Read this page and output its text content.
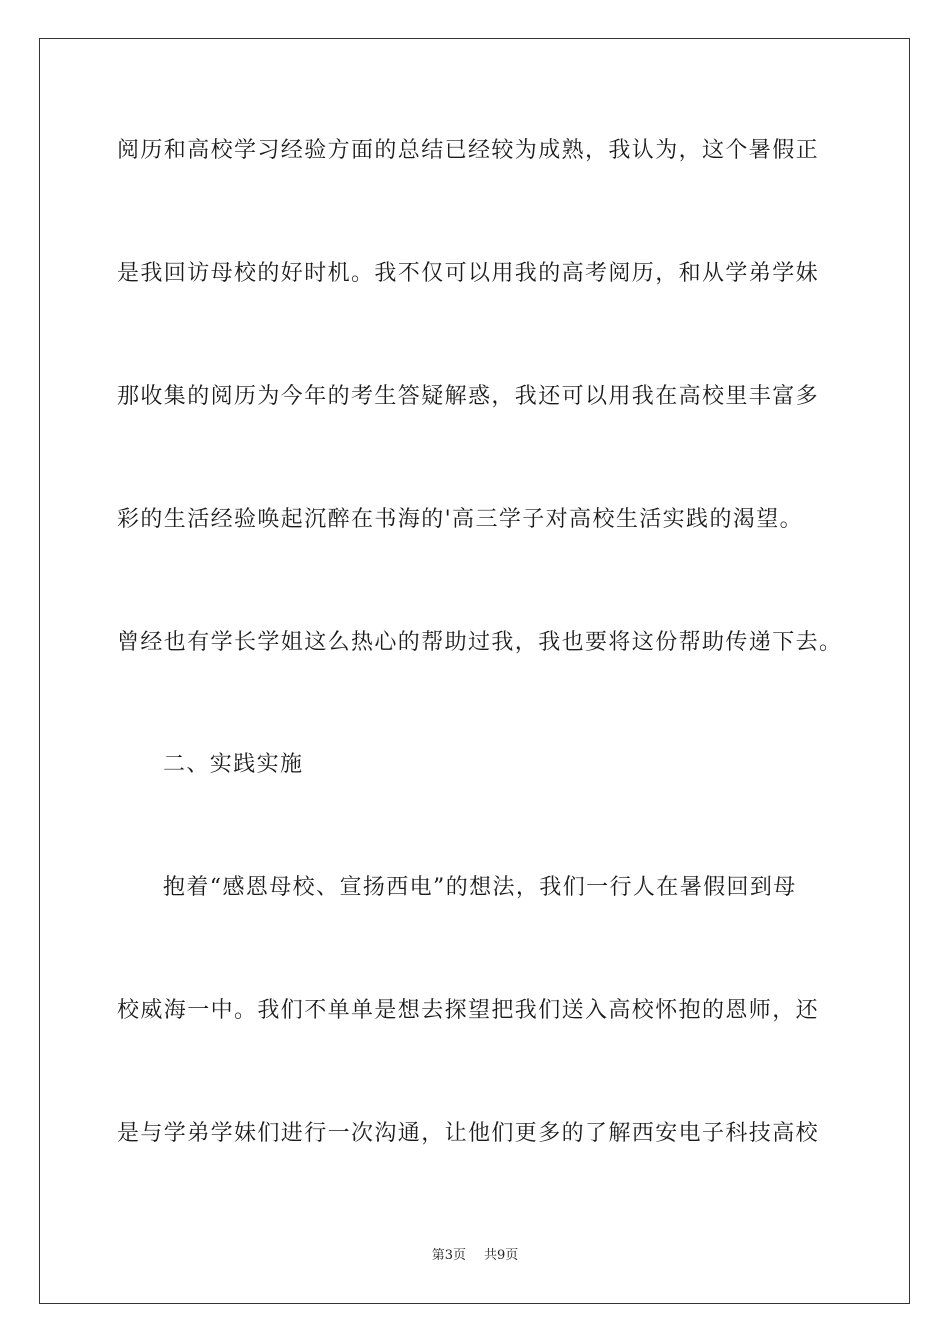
阅历和高校学习经验方面的总结已经较为成熟，我认为，这个暑假正
是我回访母校的好时机。我不仅可以用我的高考阅历，和从学弟学妹
那收集的阅历为今年的考生答疑解惑，我还可以用我在高校里丰富多
彩的生活经验唤起沉醉在书海的'高三学子对高校生活实践的渴望。
曾经也有学长学姐这么热心的帮助过我，我也要将这份帮助传递下去。
二、实践实施
抱着“感恩母校、宣扬西电”的想法，我们一行人在暑假回到母
校威海一中。我们不单单是想去探望把我们送入高校怀抱的恩师，还
是与学弟学妹们进行一次沟通，让他们更多的了解西安电子科技高校
第3页 共9页
